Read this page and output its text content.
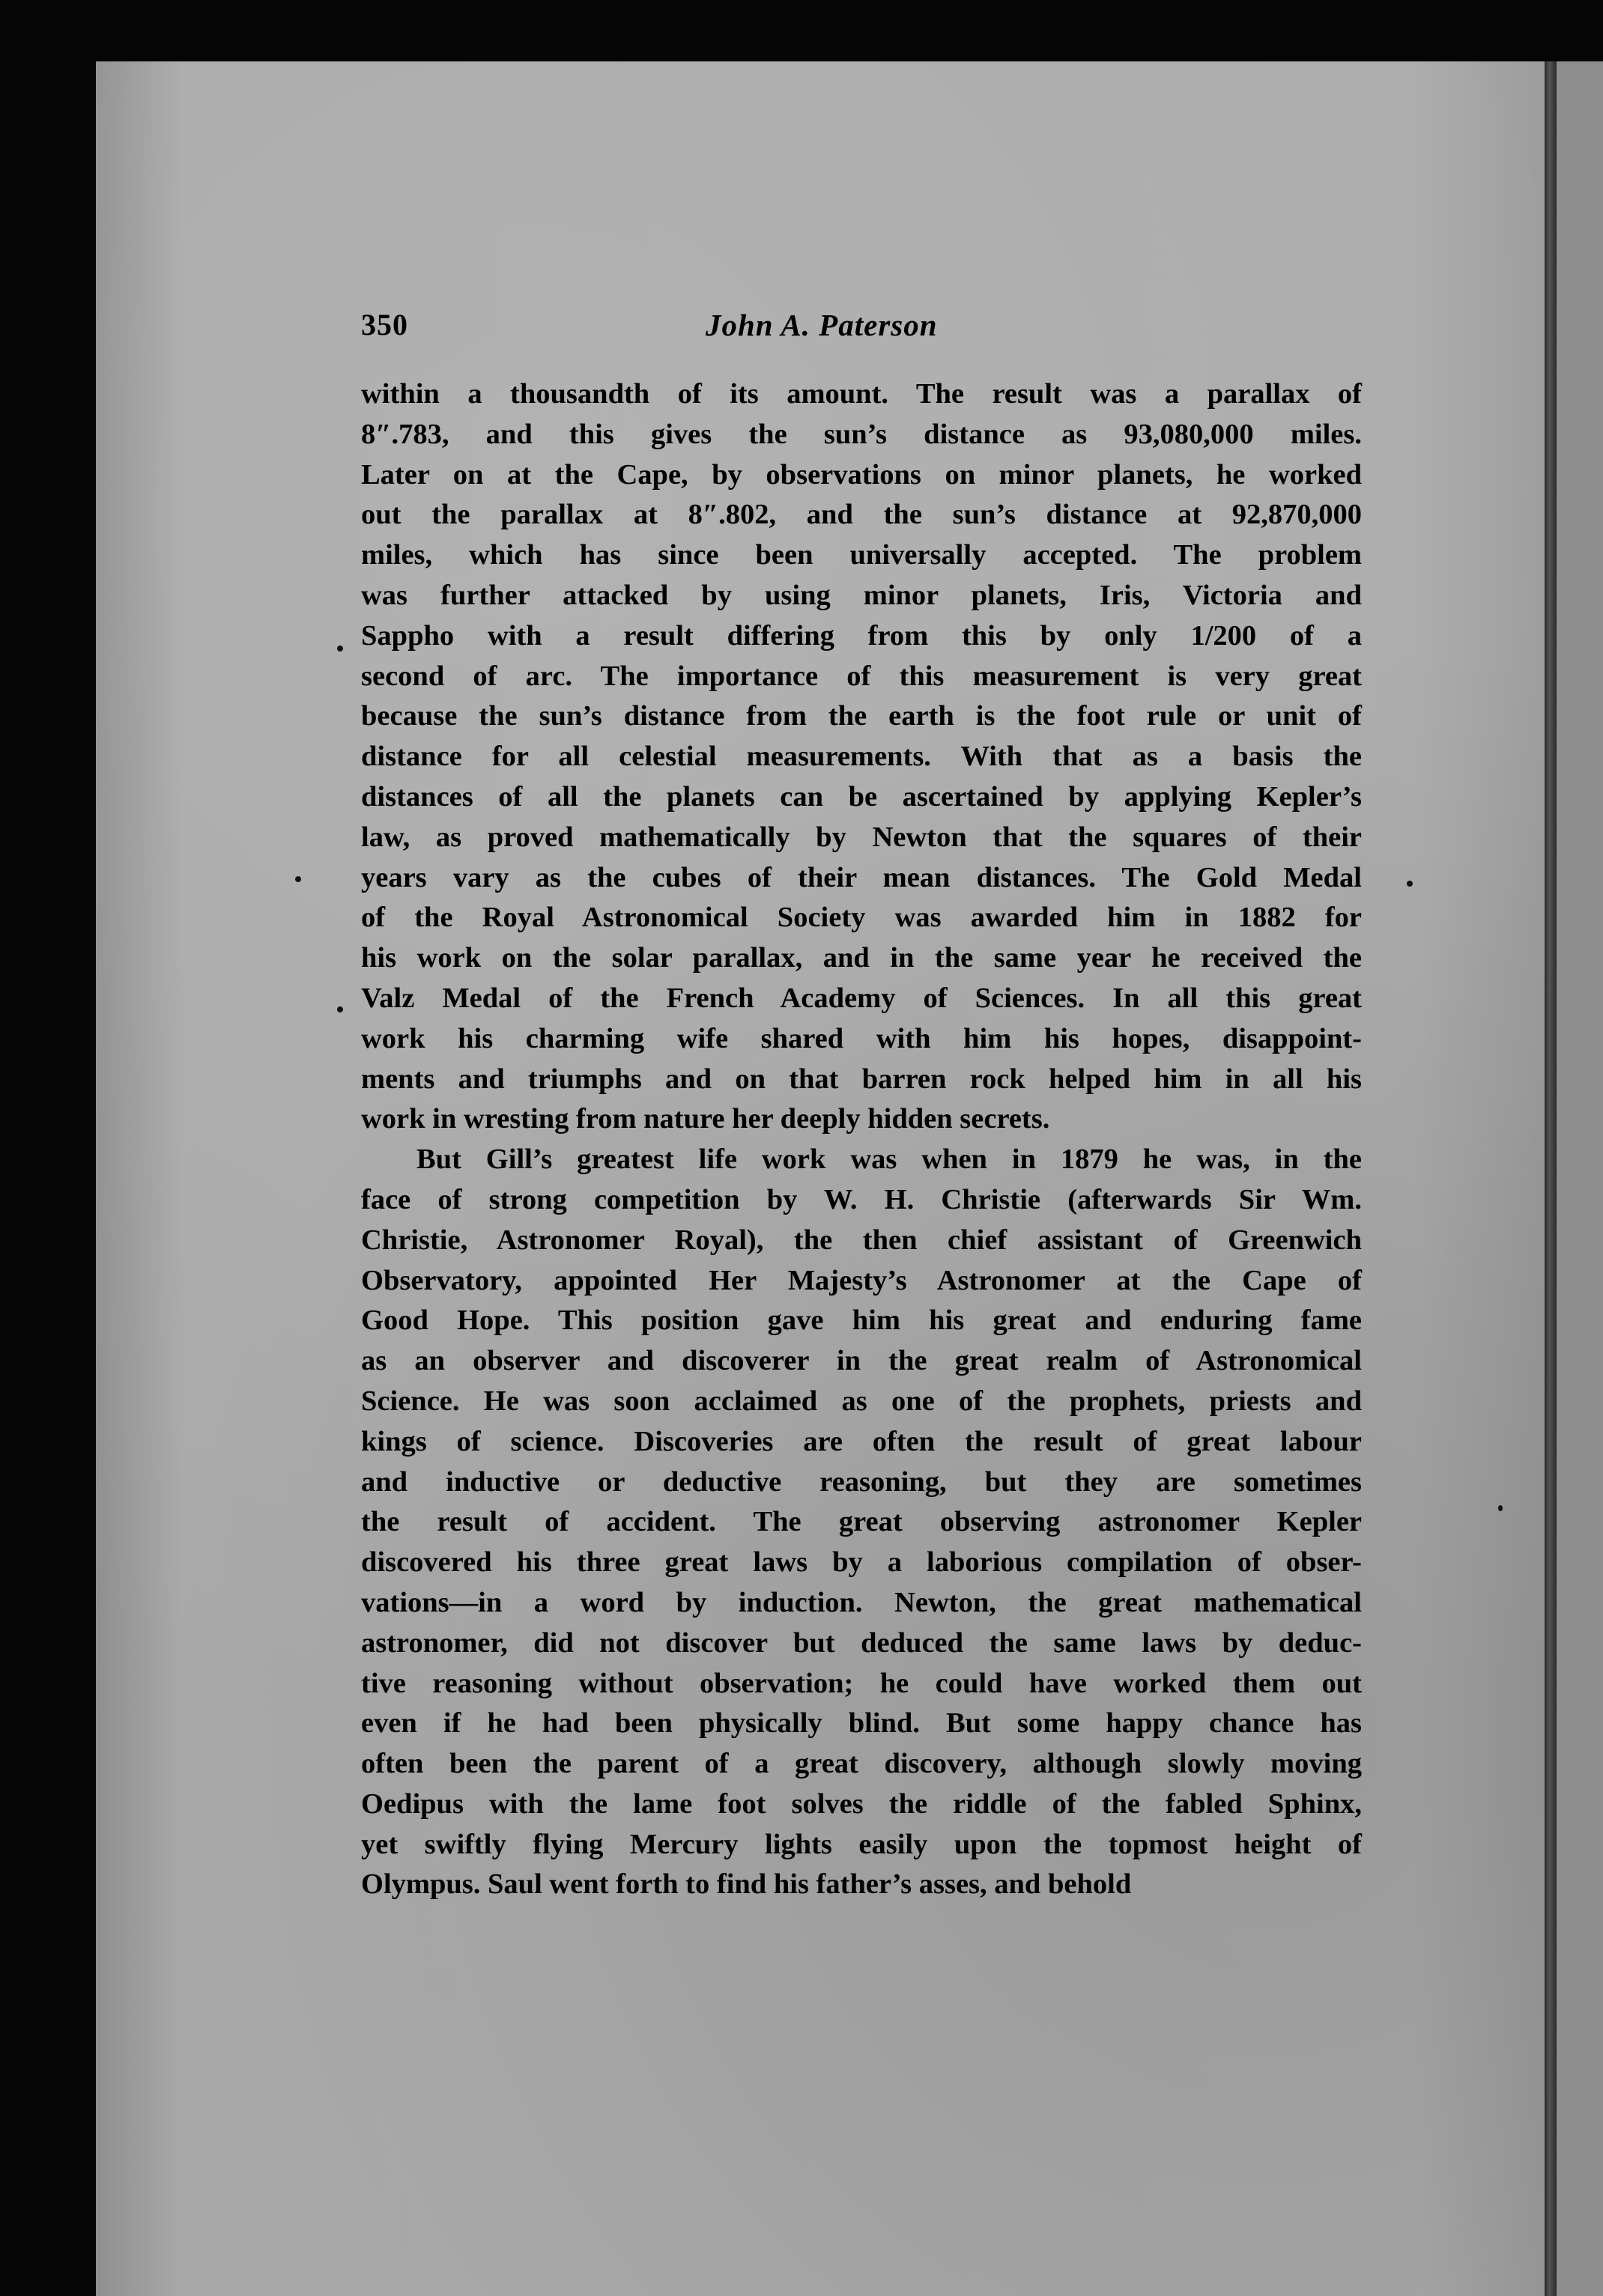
350	John A. Paterson
within a thousandth of its amount. The result was a parallax of
8″.783, and this gives the sun’s distance as 93,080,000 miles.
Later on at the Cape, by observations on minor planets, he worked
out the parallax at 8″.802, and the sun’s distance at 92,870,000
miles, which has since been universally accepted. The problem
was further attacked by using minor planets, Iris, Victoria and
Sappho with a result differing from this by only 1/200 of a
second of arc. The importance of this measurement is very great
because the sun’s distance from the earth is the foot rule or unit of
distance for all celestial measurements. With that as a basis the
distances of all the planets can be ascertained by applying Kepler’s
law, as proved mathematically by Newton that the squares of their
years vary as the cubes of their mean distances. The Gold Medal
of the Royal Astronomical Society was awarded him in 1882 for
his work on the solar parallax, and in the same year he received the
Valz Medal of the French Academy of Sciences. In all this great
work his charming wife shared with him his hopes, disappoint-
ments and triumphs and on that barren rock helped him in all his
work in wresting from nature her deeply hidden secrets.
But Gill’s greatest life work was when in 1879 he was, in the
face of strong competition by W. H. Christie (afterwards Sir Wm.
Christie, Astronomer Royal), the then chief assistant of Greenwich
Observatory, appointed Her Majesty’s Astronomer at the Cape of
Good Hope. This position gave him his great and enduring fame
as an observer and discoverer in the great realm of Astronomical
Science. He was soon acclaimed as one of the prophets, priests and
kings of science. Discoveries are often the result of great labour
and inductive or deductive reasoning, but they are sometimes
the result of accident. The great observing astronomer Kepler
discovered his three great laws by a laborious compilation of obser-
vations—in a word by induction. Newton, the great mathematical
astronomer, did not discover but deduced the same laws by deduc-
tive reasoning without observation; he could have worked them out
even if he had been physically blind. But some happy chance has
often been the parent of a great discovery, although slowly moving
Oedipus with the lame foot solves the riddle of the fabled Sphinx,
yet swiftly flying Mercury lights easily upon the topmost height of
Olympus. Saul went forth to find his father’s asses, and behold
